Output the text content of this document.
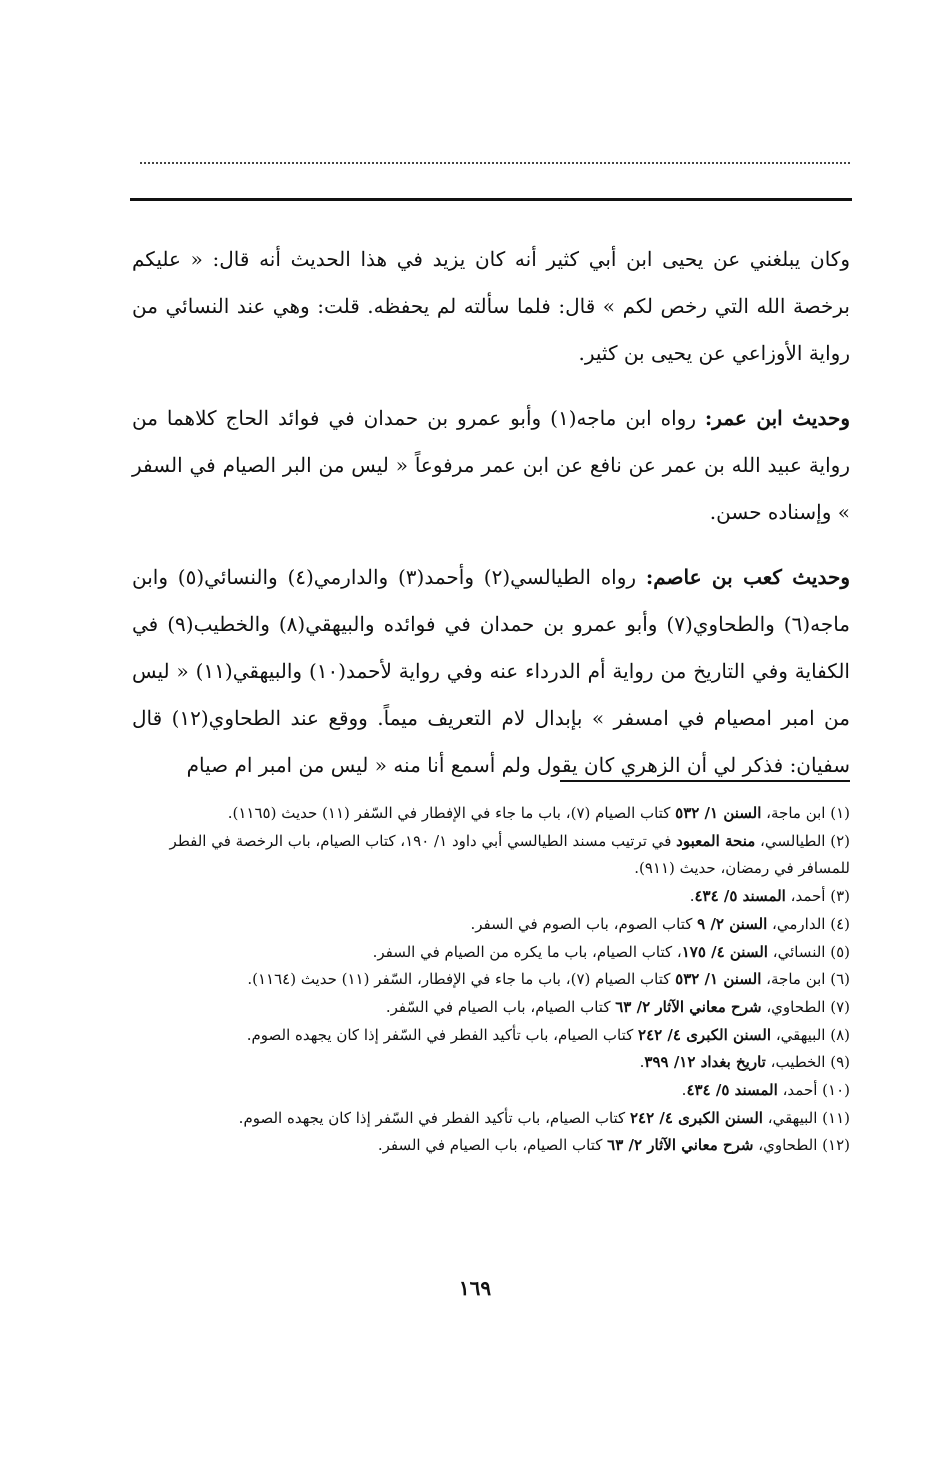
وكان يبلغني عن يحيى ابن أبي كثير أنه كان يزيد في هذا الحديث أنه قال: « عليكم برخصة الله التي رخص لكم » قال: فلما سألته لم يحفظه. قلت: وهي عند النسائي من رواية الأوزاعي عن يحيى بن كثير.

وحديث ابن عمر: رواه ابن ماجه(١) وأبو عمرو بن حمدان في فوائد الحاج كلاهما من رواية عبيد الله بن عمر عن نافع عن ابن عمر مرفوعاً « ليس من البر الصيام في السفر » وإسناده حسن.

وحديث كعب بن عاصم: رواه الطيالسي(٢) وأحمد(٣) والدارمي(٤) والنسائي(٥) وابن ماجه(٦) والطحاوي(٧) وأبو عمرو بن حمدان في فوائده والبيهقي(٨) والخطيب(٩) في الكفاية وفي التاريخ من رواية أم الدرداء عنه وفي رواية لأحمد(١٠) والبيهقي(١١) « ليس من امبر امصيام في امسفر » بإبدال لام التعريف ميماً. ووقع عند الطحاوي(١٢) قال سفيان: فذكر لي أن الزهري كان يقول ولم أسمع أنا منه « ليس من امبر ام صيام

(١) ابن ماجة، السنن ١/ ٥٣٢ كتاب الصيام (٧)، باب ما جاء في الإفطار في السّفر (١١) حديث (١١٦٥).

(٢) الطيالسي، منحة المعبود في ترتيب مسند الطيالسي أبي داود ١/ ١٩٠، كتاب الصيام، باب الرخصة في الفطر للمسافر في رمضان، حديث (٩١١).

(٣) أحمد، المسند ٥/ ٤٣٤.

(٤) الدارمي، السنن ٢/ ٩ كتاب الصوم، باب الصوم في السفر.

(٥) النسائي، السنن ٤/ ١٧٥، كتاب الصيام، باب ما يكره من الصيام في السفر.

(٦) ابن ماجة، السنن ١/ ٥٣٢ كتاب الصيام (٧)، باب ما جاء في الإفطار، السّفر (١١) حديث (١١٦٤).

(٧) الطحاوي، شرح معاني الآثار ٢/ ٦٣ كتاب الصيام، باب الصيام في السّفر.

(٨) البيهقي، السنن الكبرى ٤/ ٢٤٢ كتاب الصيام، باب تأكيد الفطر في السّفر إذا كان يجهده الصوم.

(٩) الخطيب، تاريخ بغداد ١٢/ ٣٩٩.

(١٠) أحمد، المسند ٥/ ٤٣٤.

(١١) البيهقي، السنن الكبرى ٤/ ٢٤٢ كتاب الصيام، باب تأكيد الفطر في السّفر إذا كان يجهده الصوم.

(١٢) الطحاوي، شرح معاني الآثار ٢/ ٦٣ كتاب الصيام، باب الصيام في السفر.

١٦٩
